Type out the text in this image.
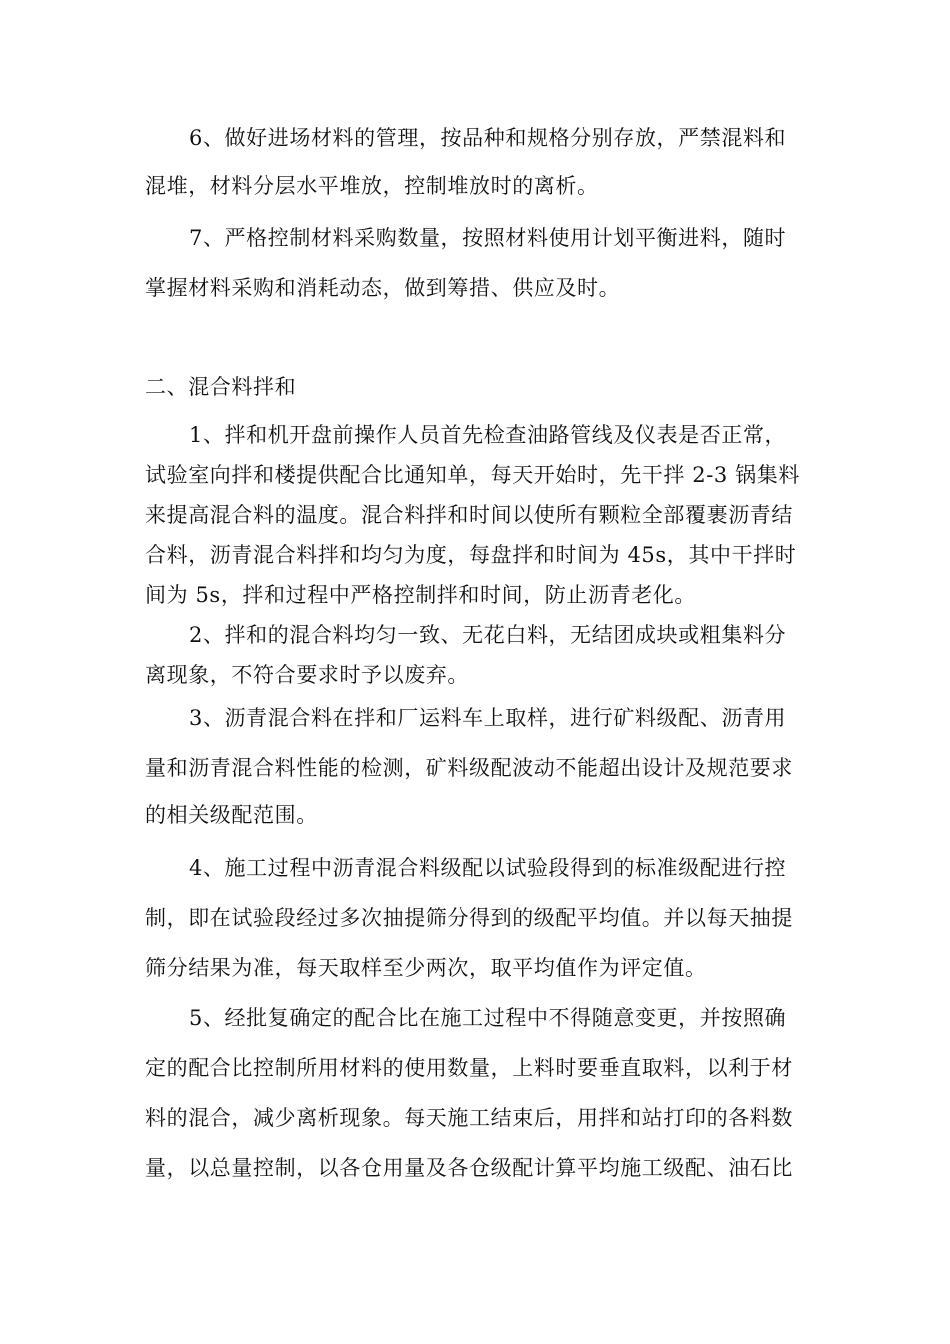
6、做好进场材料的管理，按品种和规格分别存放，严禁混料和
混堆，材料分层水平堆放，控制堆放时的离析。
7、严格控制材料采购数量，按照材料使用计划平衡进料，随时
掌握材料采购和消耗动态，做到筹措、供应及时。
二、混合料拌和
1、拌和机开盘前操作人员首先检查油路管线及仪表是否正常，
试验室向拌和楼提供配合比通知单，每天开始时，先干拌 2-3 锅集料
来提高混合料的温度。混合料拌和时间以使所有颗粒全部覆裹沥青结
合料，沥青混合料拌和均匀为度，每盘拌和时间为 45s，其中干拌时
间为 5s，拌和过程中严格控制拌和时间，防止沥青老化。
2、拌和的混合料均匀一致、无花白料，无结团成块或粗集料分
离现象，不符合要求时予以废弃。
3、沥青混合料在拌和厂运料车上取样，进行矿料级配、沥青用
量和沥青混合料性能的检测，矿料级配波动不能超出设计及规范要求
的相关级配范围。
4、施工过程中沥青混合料级配以试验段得到的标准级配进行控
制，即在试验段经过多次抽提筛分得到的级配平均值。并以每天抽提
筛分结果为准，每天取样至少两次，取平均值作为评定值。
5、经批复确定的配合比在施工过程中不得随意变更，并按照确
定的配合比控制所用材料的使用数量，上料时要垂直取料，以利于材
料的混合，减少离析现象。每天施工结束后，用拌和站打印的各料数
量，以总量控制，以各仓用量及各仓级配计算平均施工级配、油石比
